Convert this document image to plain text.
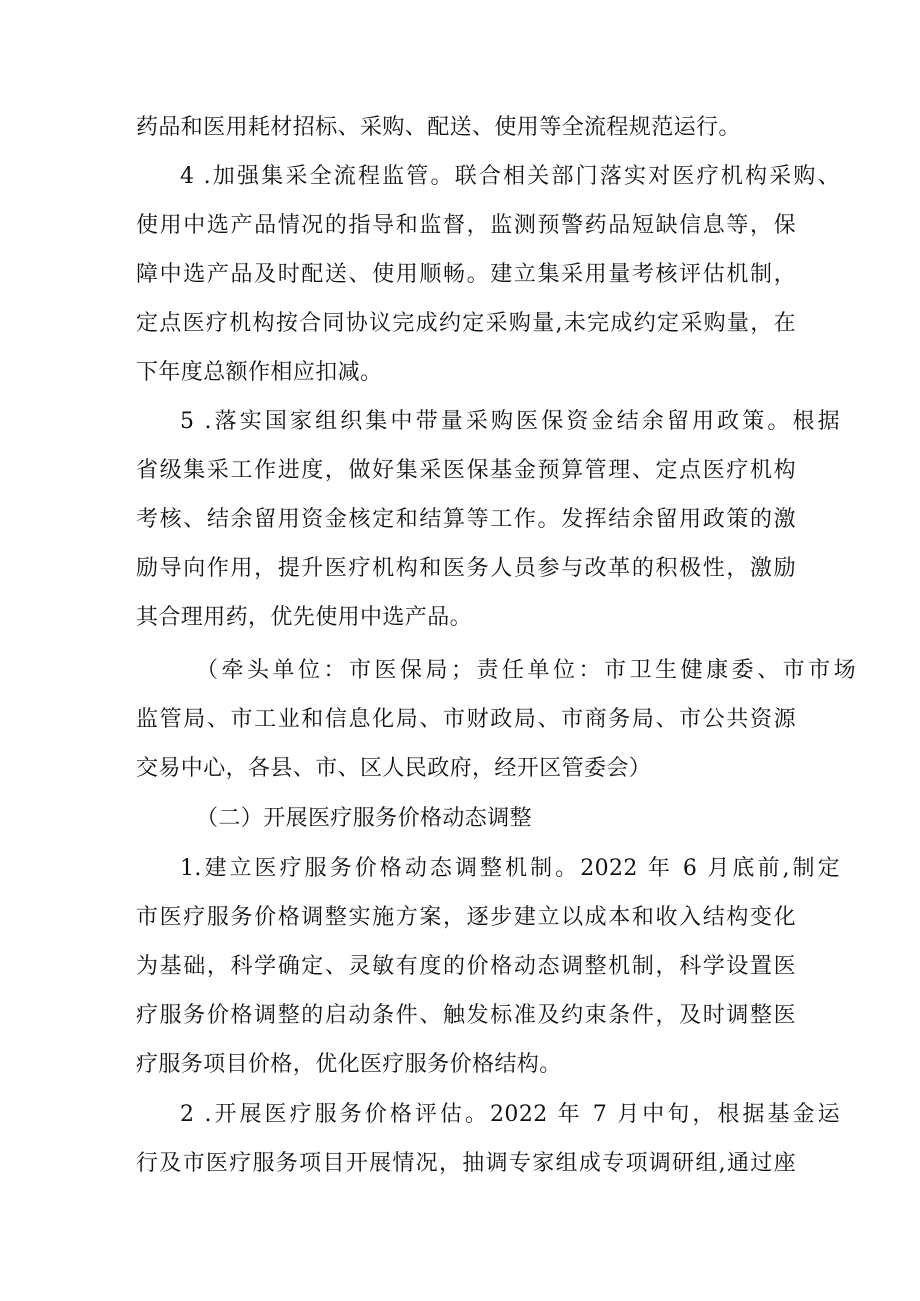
药品和医用耗材招标、采购、配送、使用等全流程规范运行。

4 .加强集采全流程监管。联合相关部门落实对医疗机构采购、

使用中选产品情况的指导和监督，监测预警药品短缺信息等，保

障中选产品及时配送、使用顺畅。建立集采用量考核评估机制，

定点医疗机构按合同协议完成约定采购量,未完成约定采购量，在

下年度总额作相应扣减。

5 .落实国家组织集中带量采购医保资金结余留用政策。根据

省级集采工作进度，做好集采医保基金预算管理、定点医疗机构

考核、结余留用资金核定和结算等工作。发挥结余留用政策的激

励导向作用，提升医疗机构和医务人员参与改革的积极性，激励

其合理用药，优先使用中选产品。

（牵头单位：市医保局；责任单位：市卫生健康委、市市场

监管局、市工业和信息化局、市财政局、市商务局、市公共资源

交易中心，各县、市、区人民政府，经开区管委会）

（二）开展医疗服务价格动态调整

1.建立医疗服务价格动态调整机制。2022 年 6 月底前,制定

市医疗服务价格调整实施方案，逐步建立以成本和收入结构变化

为基础，科学确定、灵敏有度的价格动态调整机制，科学设置医

疗服务价格调整的启动条件、触发标准及约束条件，及时调整医

疗服务项目价格，优化医疗服务价格结构。

2 .开展医疗服务价格评估。2022 年 7 月中旬，根据基金运

行及市医疗服务项目开展情况，抽调专家组成专项调研组,通过座
